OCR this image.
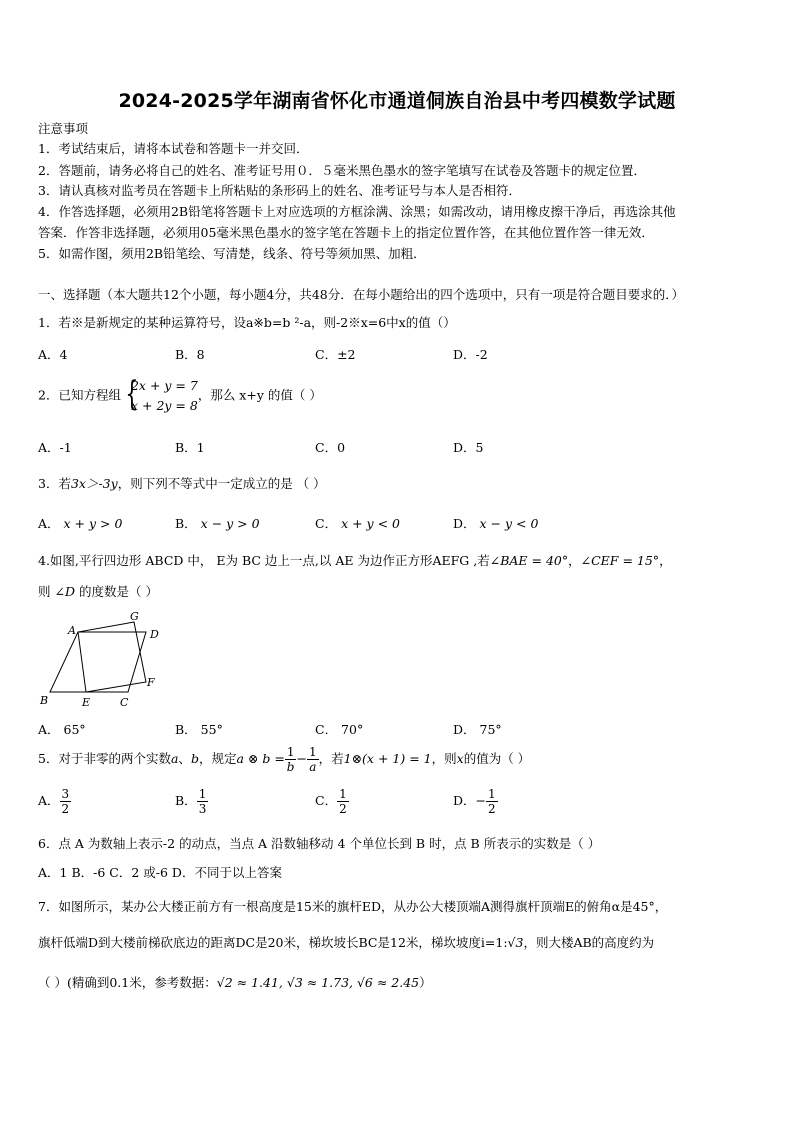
2024-2025学年湖南省怀化市通道侗族自治县中考四模数学试题
注意事项
1．考试结束后，请将本试卷和答题卡一并交回．
2．答题前，请务必将自己的姓名、准考证号用０．５毫米黑色墨水的签字笔填写在试卷及答题卡的规定位置．
3．请认真核对监考员在答题卡上所粘贴的条形码上的姓名、准考证号与本人是否相符．
4．作答选择题，必须用2B铅笔将答题卡上对应选项的方框涂满、涂黑；如需改动，请用橡皮擦干净后，再选涂其他
答案．作答非选择题，必须用05毫米黑色墨水的签字笔在答题卡上的指定位置作答，在其他位置作答一律无效．
5．如需作图，须用2B铅笔绘、写清楚，线条、符号等须加黑、加粗．
一、选择题（本大题共12个小题，每小题4分，共48分．在每小题给出的四个选项中，只有一项是符合题目要求的．）
1．若※是新规定的某种运算符号，设a※b=b ²-a，则-2※x=6中x的值（）
A．4	B．8	C．±2	D．-2
2．已知方程组 {
2x + y = 7
x + 2y = 8
，那么 x+y 的值（ ）
A．-1	B．1	C．0	D．5
3．若3x＞-3y，则下列不等式中一定成立的是 （ ）
A． x + y > 0	B． x − y > 0	C． x + y < 0	D． x − y < 0
4.如图,平行四边形 ABCD 中， E为 BC 边上一点,以 AE 为边作正方形AEFG ,若∠BAE = 40°，∠CEF = 15°，
则 ∠D 的度数是（ ）
A
G
D
B	E	C
F
A． 65°	B． 55°	C． 70°	D． 75°
5．对于非零的两个实数a、b，规定a ⊗ $b = \frac{1}{b} - \frac{1}{a}$ ，若1⊗(x + 1) = 1，则x的值为（ ）
A． $\frac{3}{2}$	B． $\frac{1}{3}$	C． $\frac{1}{2}$	D．− $\frac{1}{2}$
6．点 A 为数轴上表示-2 的动点，当点 A 沿数轴移动 4 个单位长到 B 时，点 B 所表示的实数是（ ）
A．1 B．-6 C．2 或-6 D．不同于以上答案
7．如图所示，某办公大楼正前方有一根高度是15米的旗杆ED，从办公大楼顶端A测得旗杆顶端E的俯角α是45°，
旗杆低端D到大楼前梯砍底边的距离DC是20米，梯坎坡长BC是12米，梯坎坡度i=1:√3，则大楼AB的高度约为
（ ）(精确到0.1米，参考数据：√2 ≈ 1.41, √3 ≈ 1.73, √6 ≈ 2.45）
